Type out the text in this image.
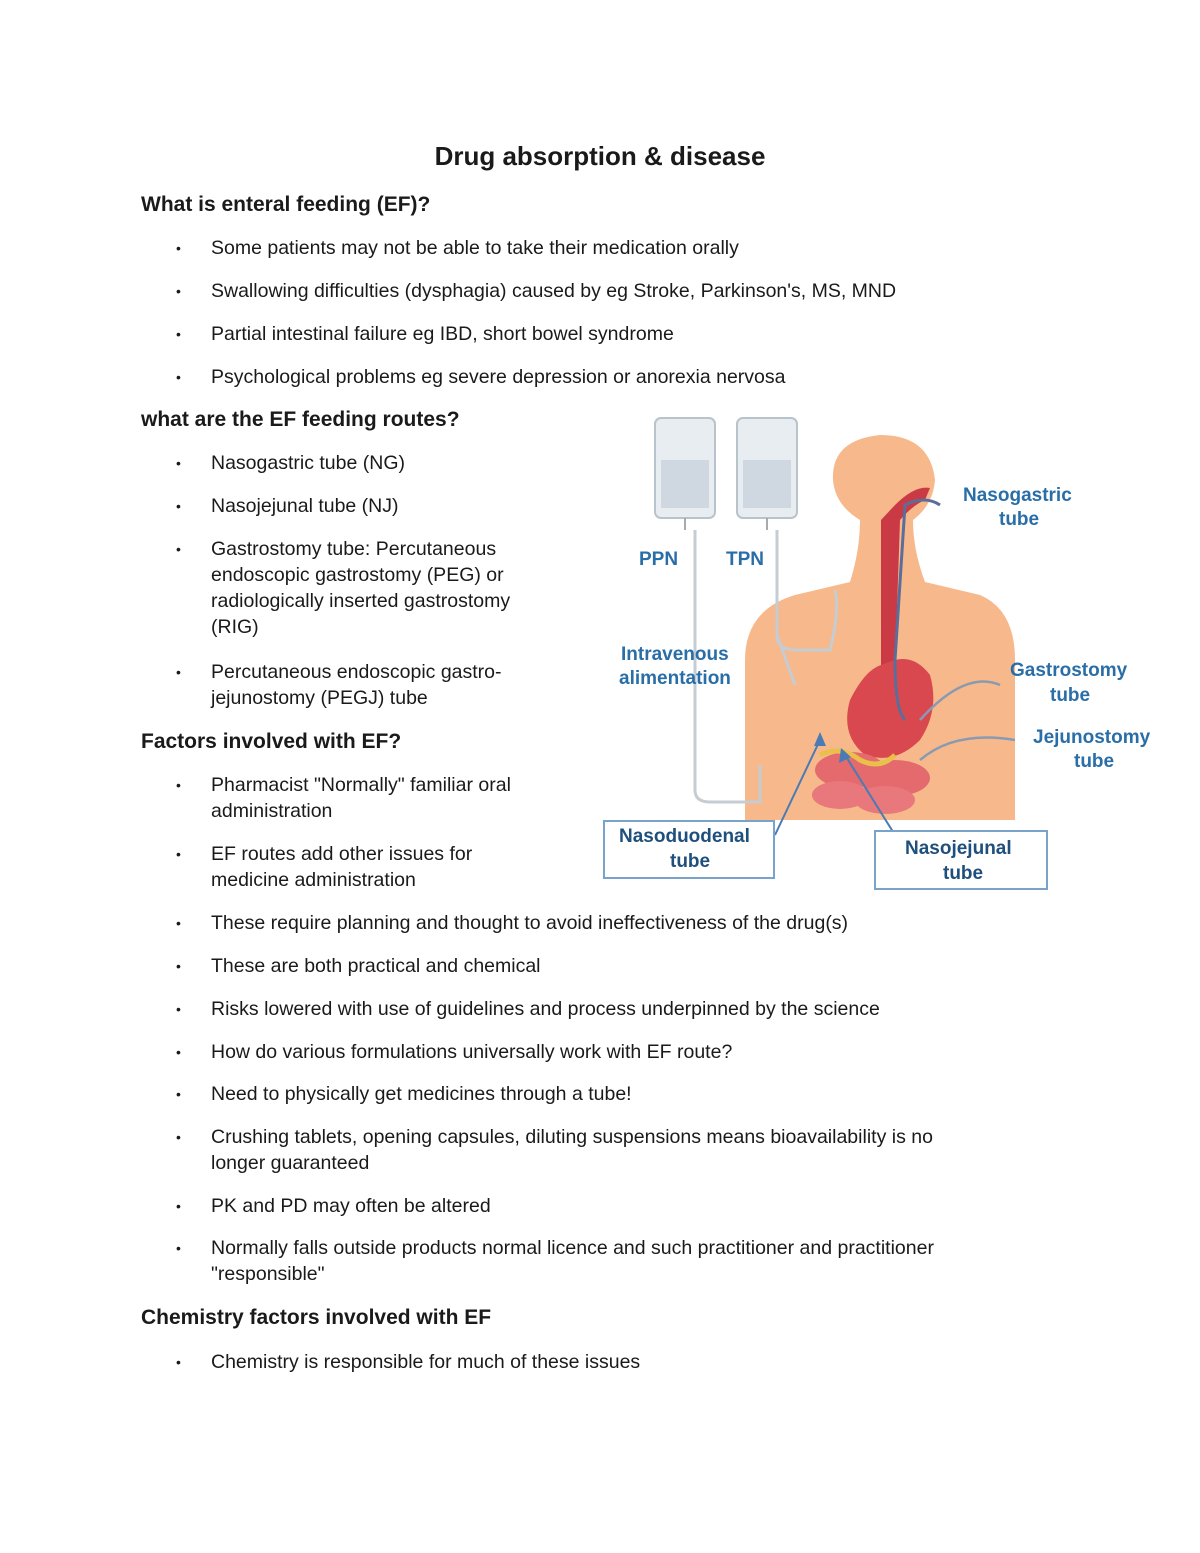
Drug absorption & disease
What is enteral feeding (EF)?
• Some patients may not be able to take their medication orally
• Swallowing difficulties (dysphagia) caused by eg Stroke, Parkinson's, MS, MND
• Partial intestinal failure eg IBD, short bowel syndrome
• Psychological problems eg severe depression or anorexia nervosa
what are the EF feeding routes?
• Nasogastric tube (NG)
• Nasojejunal tube (NJ)
• Gastrostomy tube: Percutaneous
endoscopic gastrostomy (PEG) or
radiologically inserted gastrostomy
(RIG)
• Percutaneous endoscopic gastro-
jejunostomy (PEGJ) tube
Factors involved with EF?
• Pharmacist "Normally" familiar oral
administration
• EF routes add other issues for
medicine administration
• These require planning and thought to avoid ineffectiveness of the drug(s)
• These are both practical and chemical
• Risks lowered with use of guidelines and process underpinned by the science
• How do various formulations universally work with EF route?
• Need to physically get medicines through a tube!
• Crushing tablets, opening capsules, diluting suspensions means bioavailability is no
longer guaranteed
• PK and PD may often be altered
• Normally falls outside products normal licence and such practitioner and practitioner
"responsible"
Chemistry factors involved with EF
• Chemistry is responsible for much of these issues
PPN	TPN
Intravenous
alimentation
Nasogastric
tube
Gastrostomy
tube
Jejunostomy
tube
Nasoduodenal
tube
Nasojejunal
tube
